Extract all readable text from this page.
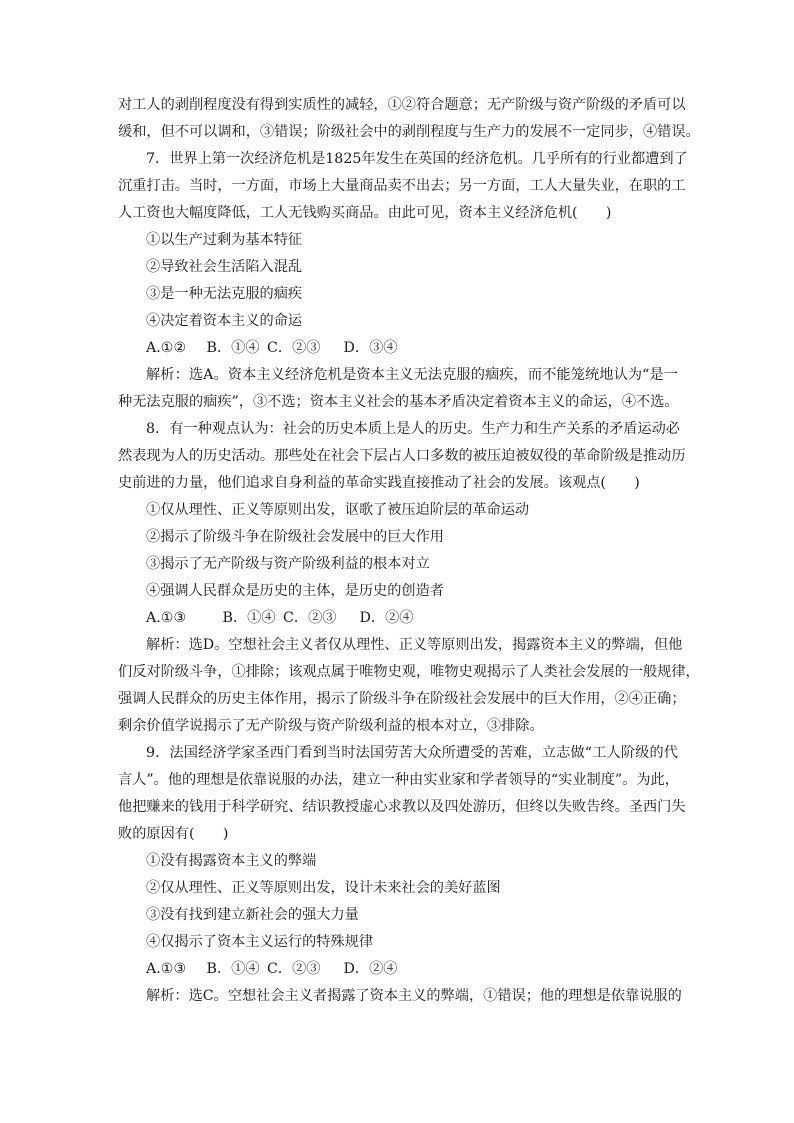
对工人的剥削程度没有得到实质性的减轻，①②符合题意；无产阶级与资产阶级的矛盾可以
缓和，但不可以调和，③错误；阶级社会中的剥削程度与生产力的发展不一定同步，④错误。
7．世界上第一次经济危机是1825年发生在英国的经济危机。几乎所有的行业都遭到了
沉重打击。当时，一方面，市场上大量商品卖不出去；另一方面，工人大量失业，在职的工
人工资也大幅度降低，工人无钱购买商品。由此可见，资本主义经济危机(　　)
①以生产过剩为基本特征
②导致社会生活陷入混乱
③是一种无法克服的痼疾
④决定着资本主义的命运
A.①② B．①④ C．②③ D．③④
解析：选A。资本主义经济危机是资本主义无法克服的痼疾，而不能笼统地认为“是一
种无法克服的痼疾”，③不选；资本主义社会的基本矛盾决定着资本主义的命运，④不选。
8．有一种观点认为：社会的历史本质上是人的历史。生产力和生产关系的矛盾运动必
然表现为人的历史活动。那些处在社会下层占人口多数的被压迫被奴役的革命阶级是推动历
史前进的力量，他们追求自身利益的革命实践直接推动了社会的发展。该观点(　　)
①仅从理性、正义等原则出发，讴歌了被压迫阶层的革命运动
②揭示了阶级斗争在阶级社会发展中的巨大作用
③揭示了无产阶级与资产阶级利益的根本对立
④强调人民群众是历史的主体，是历史的创造者
A.①③	B．①④ C．②③ D．②④
解析：选D。空想社会主义者仅从理性、正义等原则出发，揭露资本主义的弊端，但他
们反对阶级斗争，①排除；该观点属于唯物史观，唯物史观揭示了人类社会发展的一般规律，
强调人民群众的历史主体作用，揭示了阶级斗争在阶级社会发展中的巨大作用，②④正确；
剩余价值学说揭示了无产阶级与资产阶级利益的根本对立，③排除。
9．法国经济学家圣西门看到当时法国劳苦大众所遭受的苦难，立志做“工人阶级的代
言人”。他的理想是依靠说服的办法，建立一种由实业家和学者领导的“实业制度”。为此，
他把赚来的钱用于科学研究、结识教授虚心求教以及四处游历，但终以失败告终。圣西门失
败的原因有(　　)
①没有揭露资本主义的弊端
②仅从理性、正义等原则出发，设计未来社会的美好蓝图
③没有找到建立新社会的强大力量
④仅揭示了资本主义运行的特殊规律
A.①③ B．①④ C．②③ D．②④
解析：选C。空想社会主义者揭露了资本主义的弊端，①错误；他的理想是依靠说服的
